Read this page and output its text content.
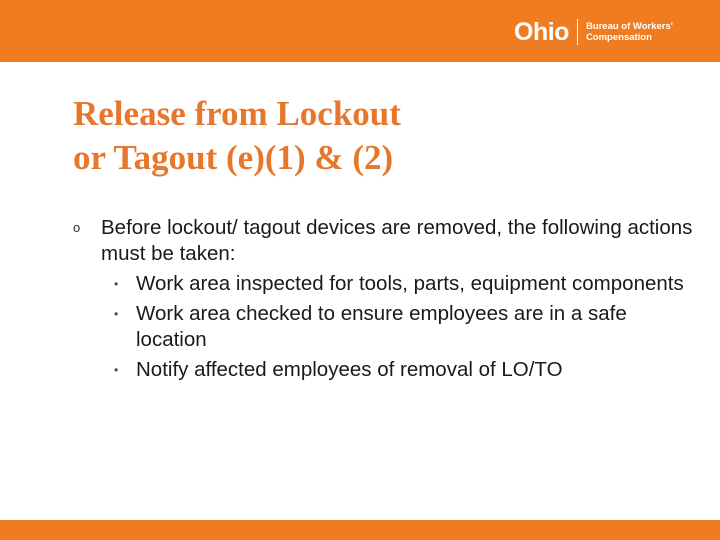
Ohio Bureau of Workers'
Compensation
Release from Lockout
or Tagout (e)(1) & (2)
o Before lockout/ tagout devices are removed, the following actions must be taken:
• Work area inspected for tools, parts, equipment components
• Work area checked to ensure employees are in a safe location
• Notify affected employees of removal of LO/TO
